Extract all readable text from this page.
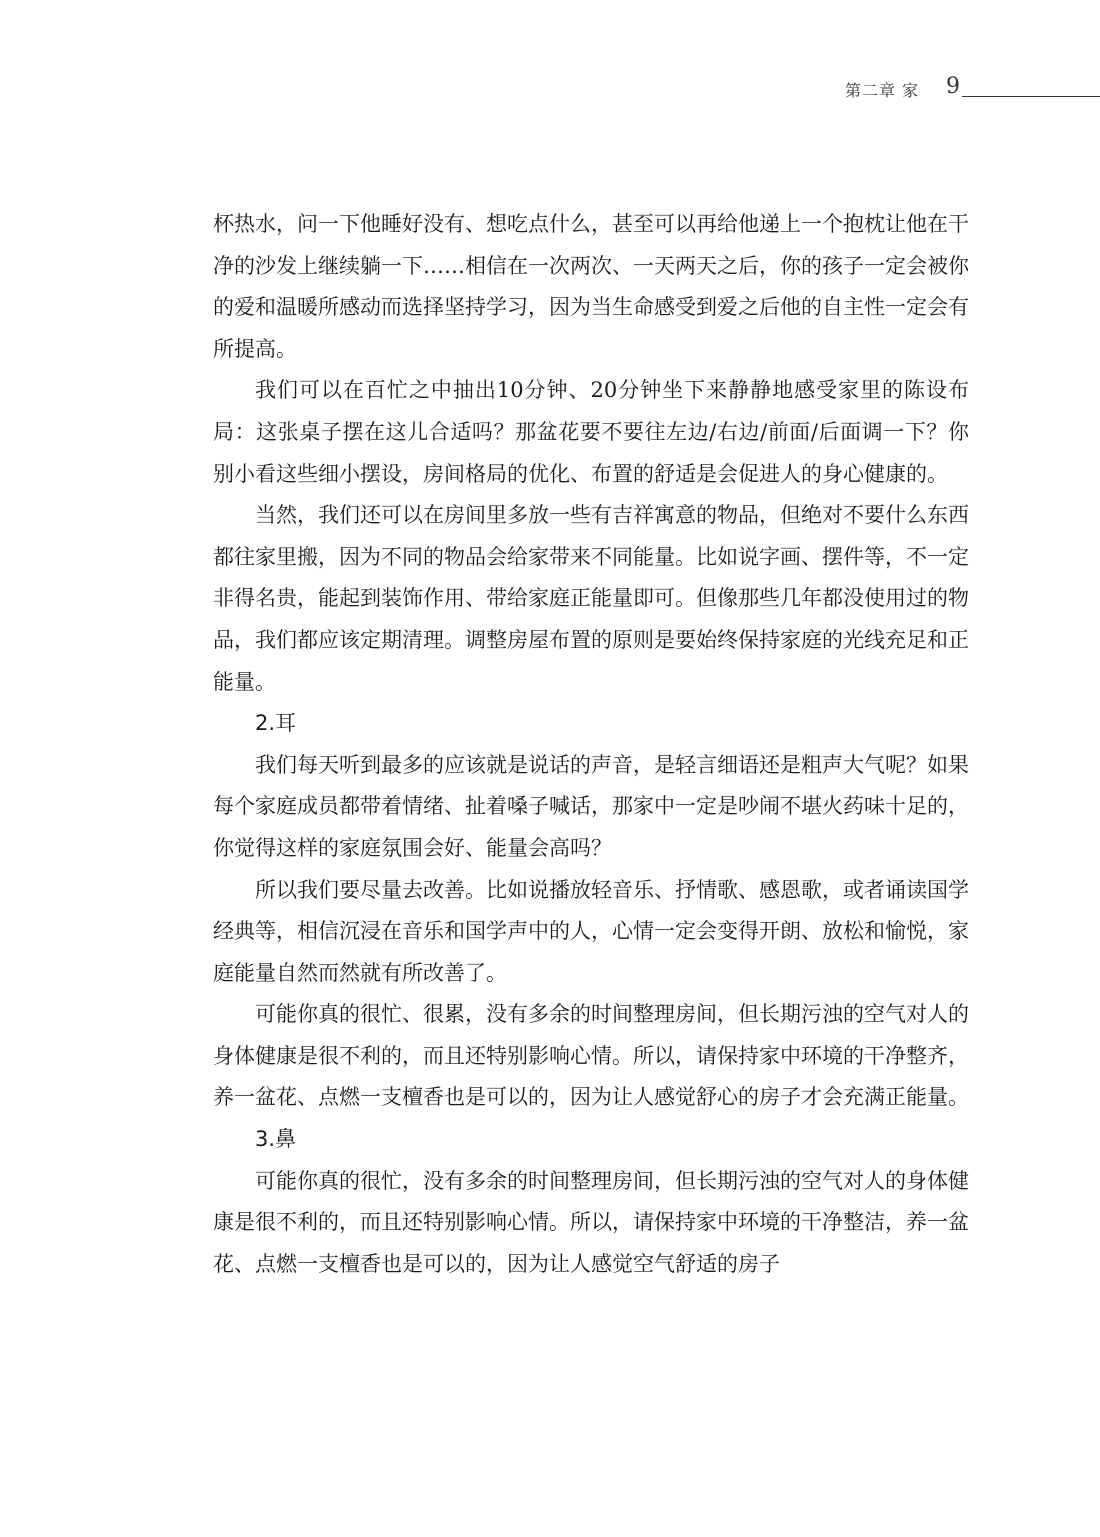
第二章 家 9

杯热水，问一下他睡好没有、想吃点什么，甚至可以再给他递上一个抱枕让他在干净的沙发上继续躺一下……相信在一次两次、一天两天之后，你的孩子一定会被你的爱和温暖所感动而选择坚持学习，因为当生命感受到爱之后他的自主性一定会有所提高。

我们可以在百忙之中抽出10分钟、20分钟坐下来静静地感受家里的陈设布局：这张桌子摆在这儿合适吗？那盆花要不要往左边/右边/前面/后面调一下？你别小看这些细小摆设，房间格局的优化、布置的舒适是会促进人的身心健康的。

当然，我们还可以在房间里多放一些有吉祥寓意的物品，但绝对不要什么东西都往家里搬，因为不同的物品会给家带来不同能量。比如说字画、摆件等，不一定非得名贵，能起到装饰作用、带给家庭正能量即可。但像那些几年都没使用过的物品，我们都应该定期清理。调整房屋布置的原则是要始终保持家庭的光线充足和正能量。

2.耳

我们每天听到最多的应该就是说话的声音，是轻言细语还是粗声大气呢？如果每个家庭成员都带着情绪、扯着嗓子喊话，那家中一定是吵闹不堪火药味十足的，你觉得这样的家庭氛围会好、能量会高吗？

所以我们要尽量去改善。比如说播放轻音乐、抒情歌、感恩歌，或者诵读国学经典等，相信沉浸在音乐和国学声中的人，心情一定会变得开朗、放松和愉悦，家庭能量自然而然就有所改善了。

可能你真的很忙、很累，没有多余的时间整理房间，但长期污浊的空气对人的身体健康是很不利的，而且还特别影响心情。所以，请保持家中环境的干净整齐，养一盆花、点燃一支檀香也是可以的，因为让人感觉舒心的房子才会充满正能量。

3.鼻

可能你真的很忙，没有多余的时间整理房间，但长期污浊的空气对人的身体健康是很不利的，而且还特别影响心情。所以，请保持家中环境的干净整洁，养一盆花、点燃一支檀香也是可以的，因为让人感觉空气舒适的房子
